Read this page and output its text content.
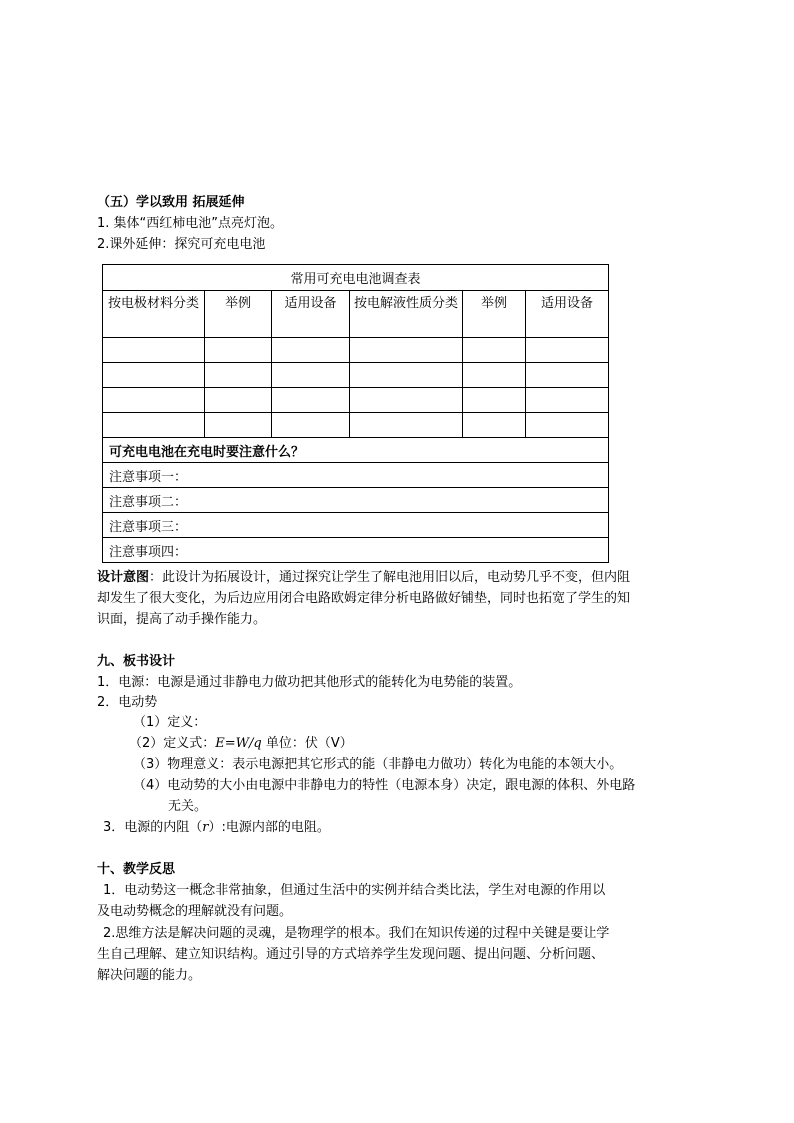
（五）学以致用 拓展延伸
1. 集体“西红柿电池”点亮灯泡。
2.课外延伸：探究可充电电池
常用可充电电池调查表					
按电极材料分类	举例	适用设备	按电解液性质分类	举例	适用设备

可充电电池在充电时要注意什么？					
注意事项一：					
注意事项二：					
注意事项三：					
注意事项四：					
设计意图：此设计为拓展设计，通过探究让学生了解电池用旧以后，电动势几乎不变，但内阻
却发生了很大变化，为后边应用闭合电路欧姆定律分析电路做好铺垫，同时也拓宽了学生的知
识面，提高了动手操作能力。
九、板书设计
1．电源：电源是通过非静电力做功把其他形式的能转化为电势能的装置。
2．电动势
（1）定义：
（2）定义式：E=W/q 单位：伏（V）
（3）物理意义：表示电源把其它形式的能（非静电力做功）转化为电能的本领大小。
（4）电动势的大小由电源中非静电力的特性（电源本身）决定，跟电源的体积、外电路
无关。
3．电源的内阻（r）:电源内部的电阻。
十、教学反思
1．电动势这一概念非常抽象，但通过生活中的实例并结合类比法，学生对电源的作用以
及电动势概念的理解就没有问题。
2.思维方法是解决问题的灵魂，是物理学的根本。我们在知识传递的过程中关键是要让学
生自己理解、建立知识结构。通过引导的方式培养学生发现问题、提出问题、分析问题、
解决问题的能力。
